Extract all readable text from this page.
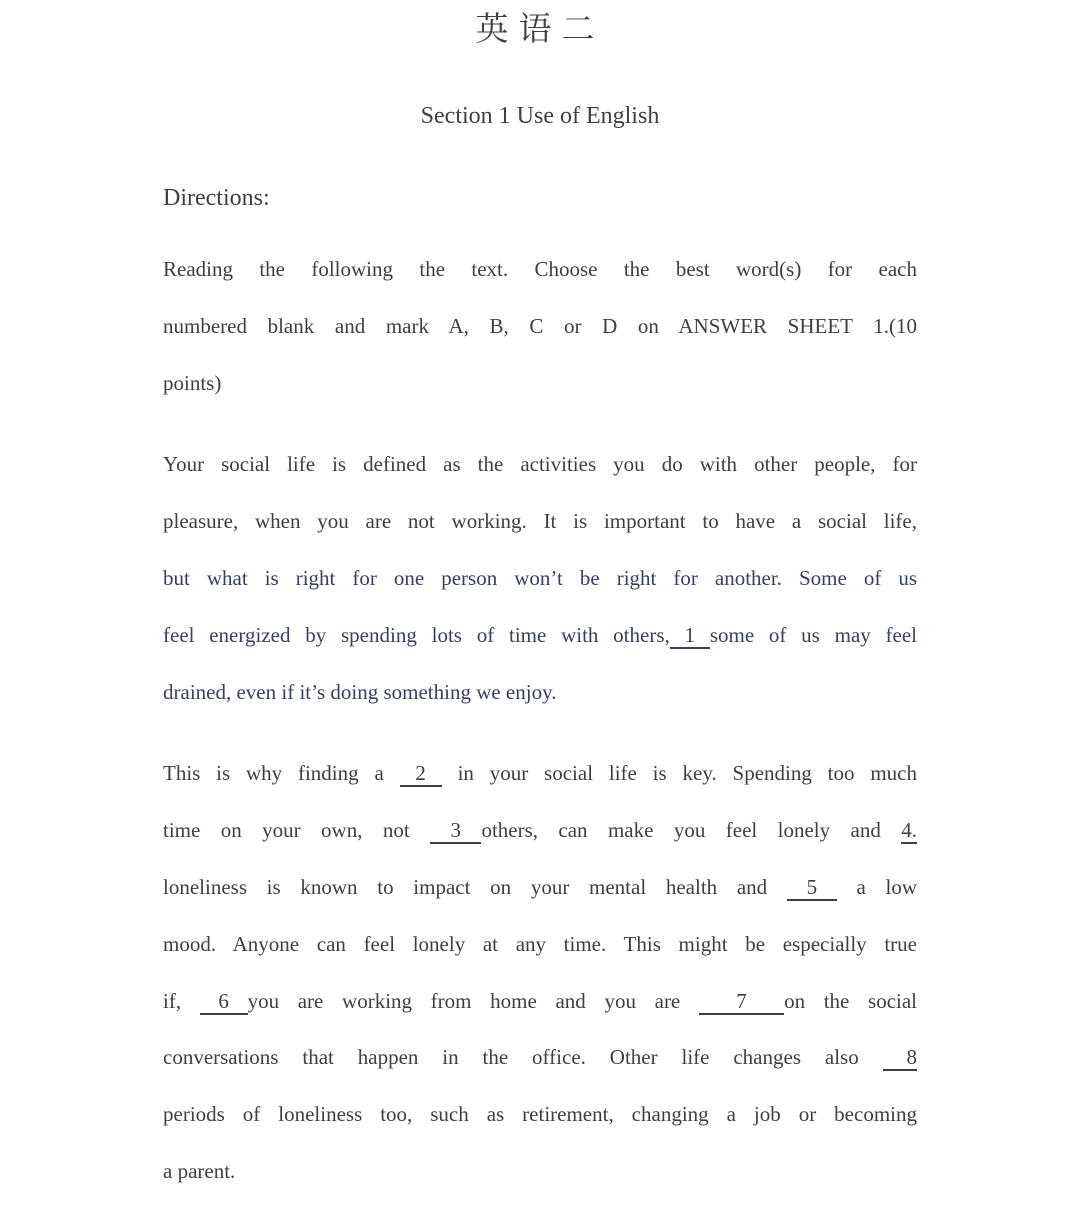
英语二
Section 1 Use of English
Directions:
Reading the following the text. Choose the best word(s) for each
numbered blank and mark A, B, C or D on ANSWER SHEET 1.(10
points)
Your social life is defined as the activities you do with other people, for
pleasure, when you are not working. It is important to have a social life,
but what is right for one person won’t be right for another. Some of us
feel energized by spending lots of time with others, 1 some of us may feel
drained, even if it’s doing something we enjoy.
This is why finding a  2  in your social life is key. Spending too much
time on your own, not  3 others, can make you feel lonely and 4.
loneliness is known to impact on your mental health and  5  a low
mood. Anyone can feel lonely at any time. This might be especially true
if,  6 you are working from home and you are   7  on the social
conversations that happen in the office. Other life changes also  8
periods of loneliness too, such as retirement, changing a job or becoming
a parent.
